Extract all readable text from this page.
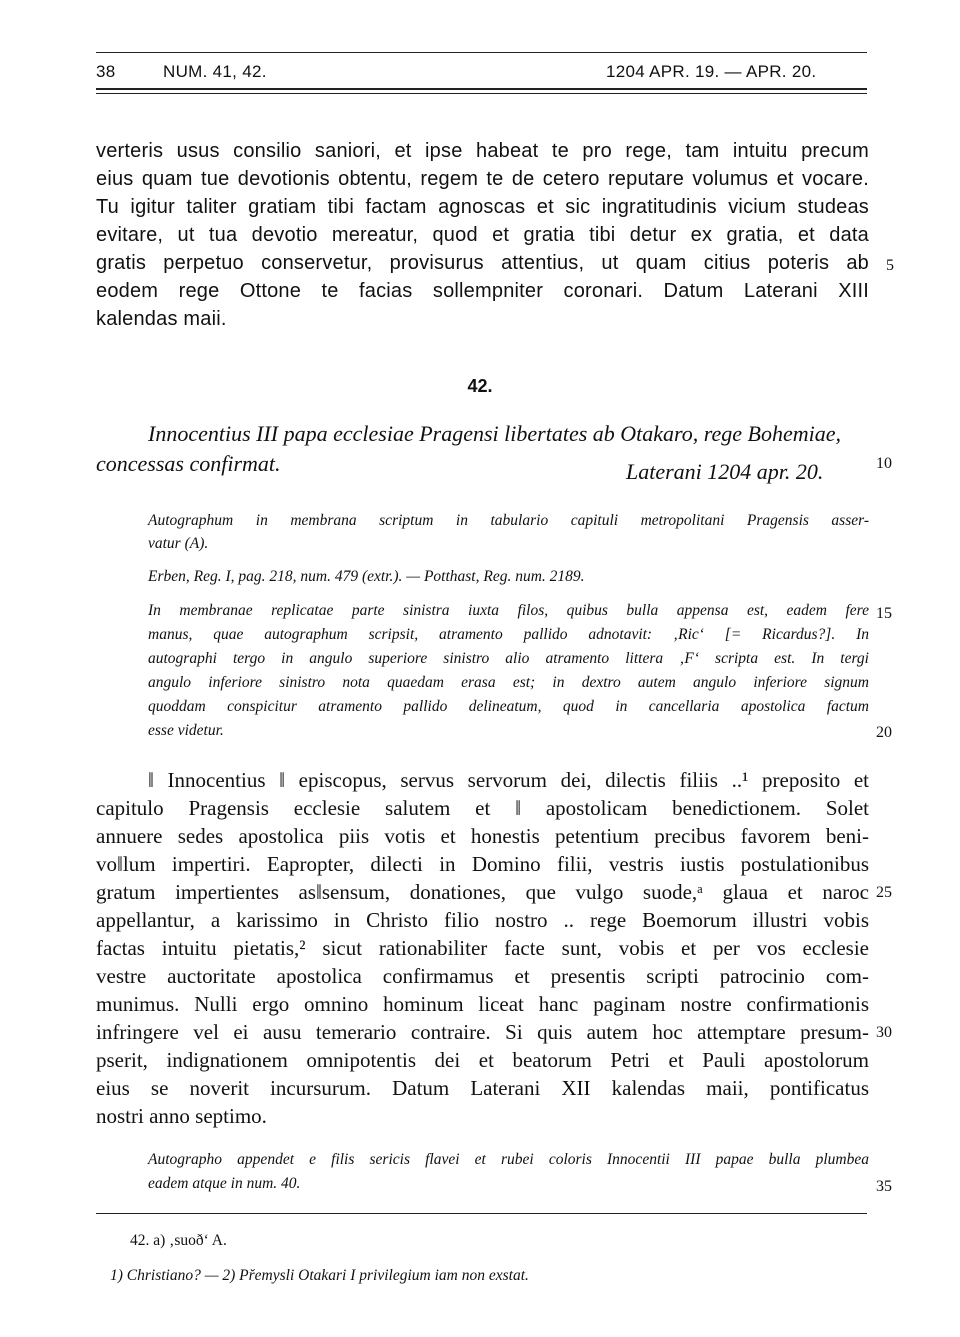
38	NUM. 41, 42.	1204 APR. 19. — APR. 20.
verteris usus consilio saniori, et ipse habeat te pro rege, tam intuitu precum
eius quam tue devotionis obtentu, regem te de cetero reputare volumus et vocare.
Tu igitur taliter gratiam tibi factam agnoscas et sic ingratitudinis vicium studeas
evitare, ut tua devotio mereatur, quod et gratia tibi detur ex gratia, et data
gratis perpetuo conservetur, provisurus attentius, ut quam citius poteris ab
eodem rege Ottone te facias sollempniter coronari. Datum Laterani XIII
kalendas maii.
5
42.
Innocentius III papa ecclesiae Pragensi libertates ab Otakaro, rege Bohemiae,
concessas confirmat.	Laterani 1204 apr. 20.	10
Autographum in membrana scriptum in tabulario capituli metropolitani Pragensis asser-
vatur (A).
Erben, Reg. I, pag. 218, num. 479 (extr.). — Potthast, Reg. num. 2189.
In membranae replicatae parte sinistra iuxta filos, quibus bulla appensa est, eadem fere
manus, quae autographum scripsit, atramento pallido adnotavit: ‚Ric‘ [= Ricardus?]. In
autographi tergo in angulo superiore sinistro alio atramento littera ‚F‘ scripta est. In tergi
angulo inferiore sinistro nota quaedam erasa est; in dextro autem angulo inferiore signum
quoddam conspicitur atramento pallido delineatum, quod in cancellaria apostolica factum
esse videtur.
15
20
‖ Innocentius ‖ episcopus, servus servorum dei, dilectis filiis ..¹ preposito et
capitulo Pragensis ecclesie salutem et ‖ apostolicam benedictionem. Solet
annuere sedes apostolica piis votis et honestis petentium precibus favorem beni-
vo‖lum impertiri. Eapropter, dilecti in Domino filii, vestris iustis postulationibus
gratum impertientes as‖sensum, donationes, que vulgo suode,ᵃ glaua et naroc
appellantur, a karissimo in Christo filio nostro .. rege Boemorum illustri vobis
factas intuitu pietatis,² sicut rationabiliter facte sunt, vobis et per vos ecclesie
vestre auctoritate apostolica confirmamus et presentis scripti patrocinio com-
munimus. Nulli ergo omnino hominum liceat hanc paginam nostre confirmationis
infringere vel ei ausu temerario contraire. Si quis autem hoc attemptare presum-
pserit, indignationem omnipotentis dei et beatorum Petri et Pauli apostolorum
eius se noverit incursurum. Datum Laterani XII kalendas maii, pontificatus
nostri anno septimo.
25
30
Autographo appendet e filis sericis flavei et rubei coloris Innocentii III papae bulla plumbea
eadem atque in num. 40.	35
42. a) ‚suoð‘ A.
1) Christiano? — 2) Přemysli Otakari I privilegium iam non exstat.
